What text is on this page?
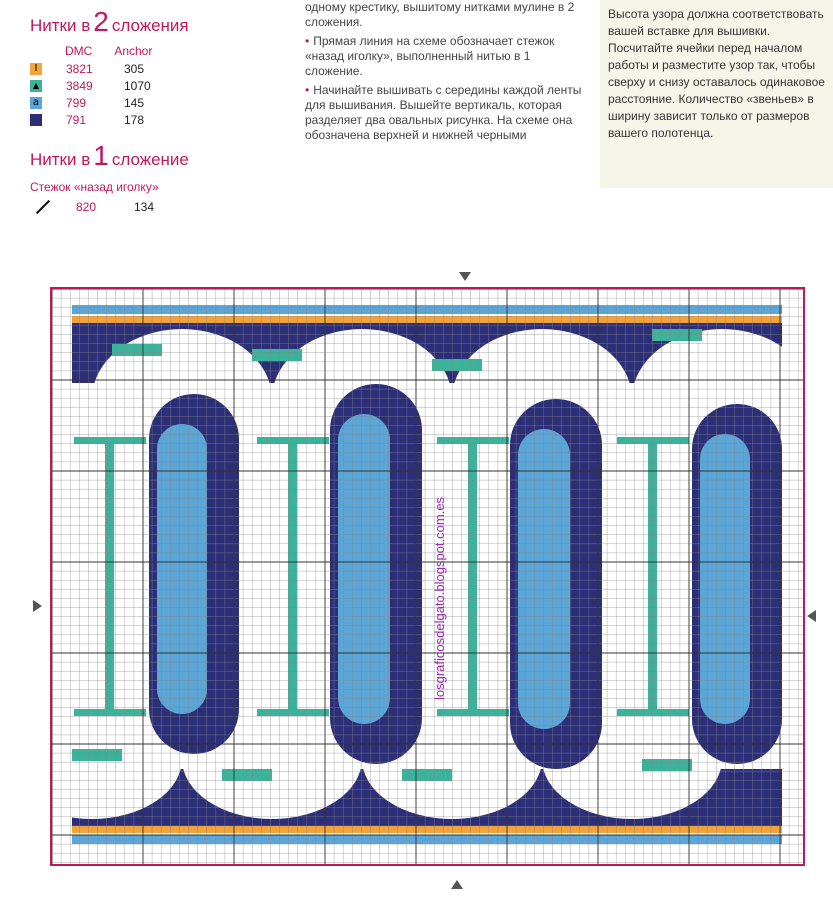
Нитки в 2 сложения
DMC Anchor
I	3821	305
▲ 3849	1070
a 799	145
791	178
Нитки в 1 сложение
Стежок «назад иголку»
820	134

одному крестику, вышитому нитками мулине в 2 сложения.

• Прямая линия на схеме обозначает стежок «назад иголку», выполненный нитью в 1 сложение.

• Начинайте вышивать с середины каждой ленты для вышивания. Вышейте вертикаль, которая разделяет два овальных рисунка. На схеме она обозначена верхней и нижней черными

Высота узора должна соответствовать вашей вставке для вышивки. Посчитайте ячейки перед началом работы и разместите узор так, чтобы сверху и снизу оставалось одинаковое расстояние. Количество «звеньев» в ширину зависит только от размеров вашего полотенца.
losgraficosdelgato.blogspot.com.es
